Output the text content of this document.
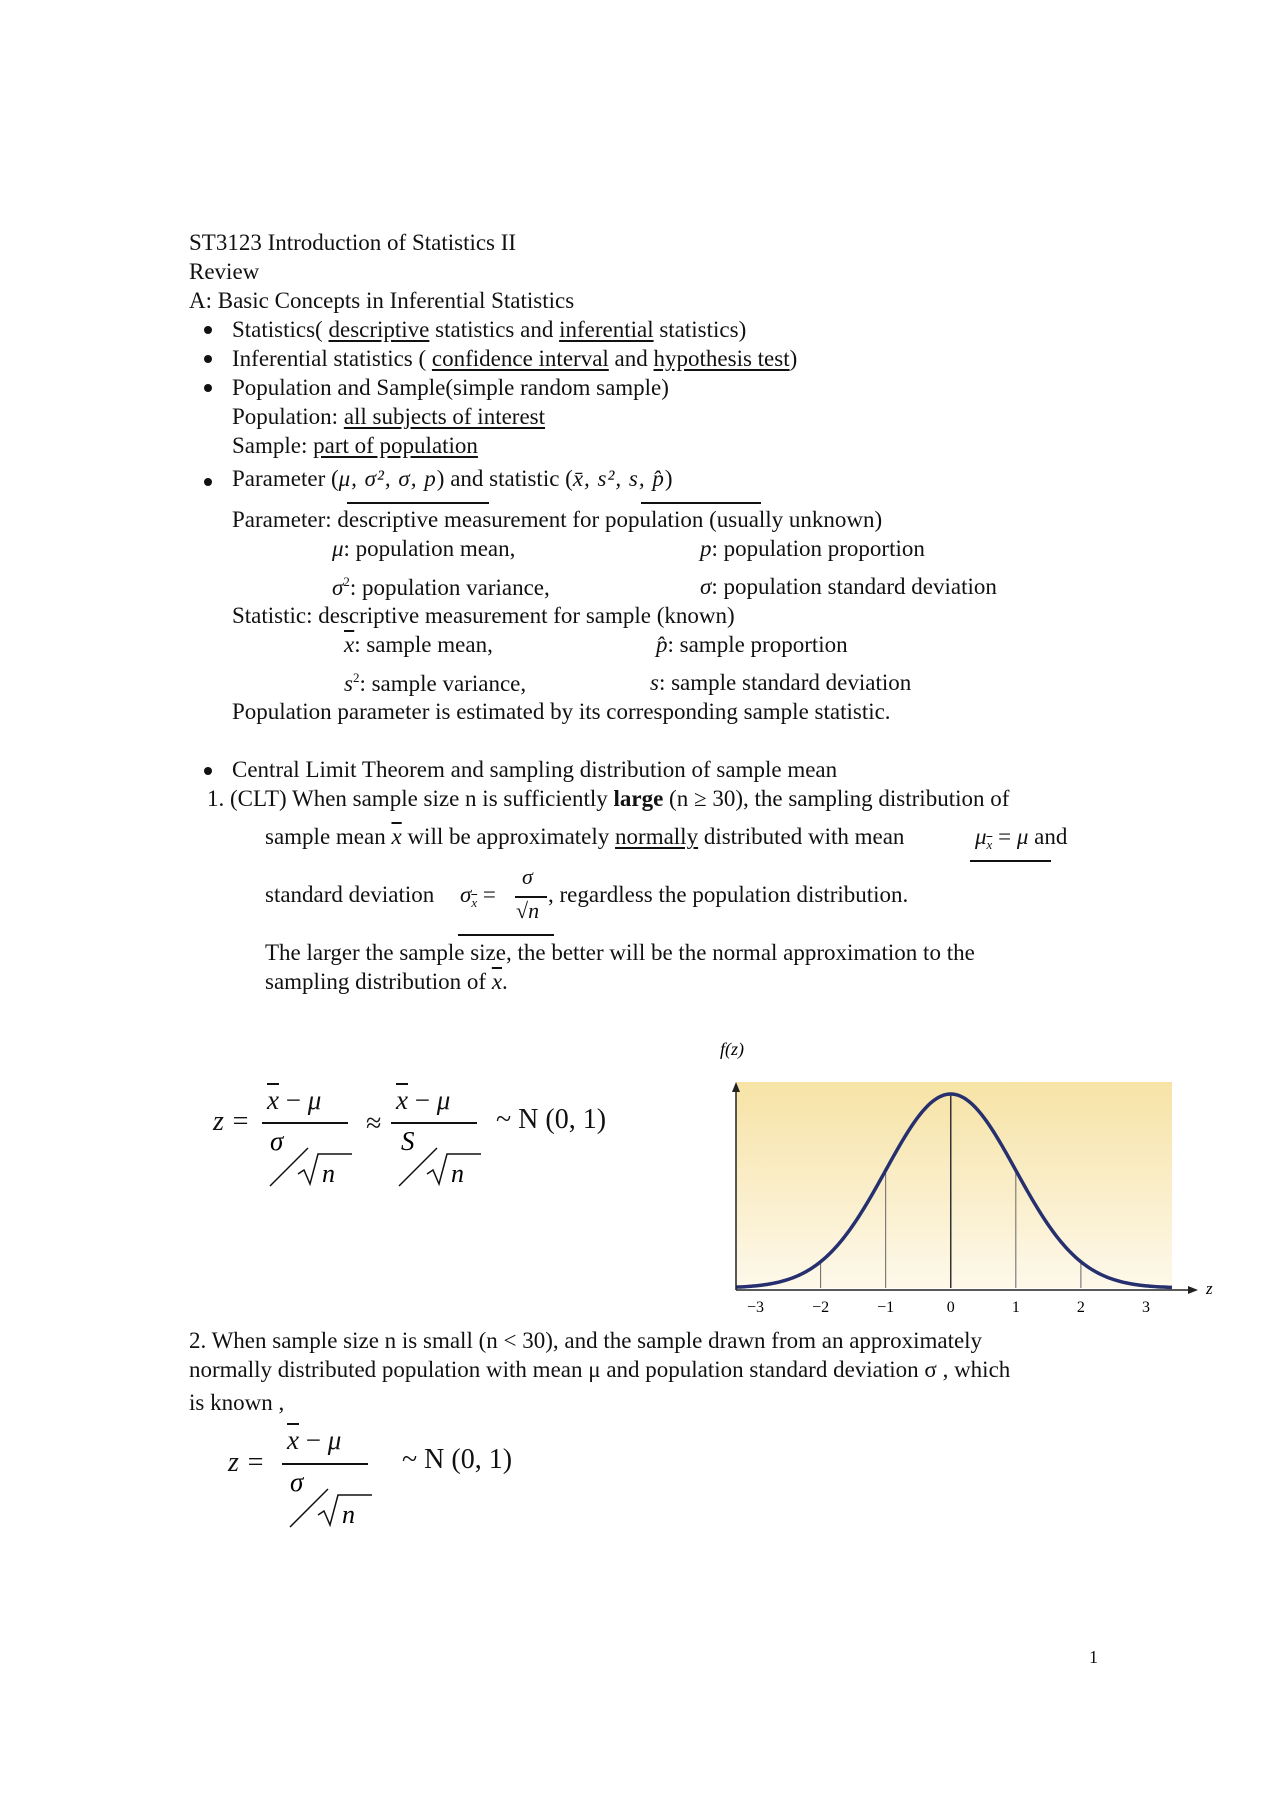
ST3123 Introduction of Statistics II
Review
A: Basic Concepts in Inferential Statistics
Statistics( descriptive statistics and inferential statistics)
Inferential statistics ( confidence interval and hypothesis test)
Population and Sample(simple random sample)
Population: all subjects of interest
Sample: part of population
Parameter (μ, σ², σ, p) and statistic (x̄, s², s, p̂)
Parameter: descriptive measurement for population (usually unknown)
μ: population mean,	p: population proportion
$\sigma^2$: population variance,	σ: population standard deviation
Statistic: descriptive measurement for sample (known)
$\overline{x}$: sample mean,	p̂: sample proportion
$s^2$: sample variance,	s: sample standard deviation
Population parameter is estimated by its corresponding sample statistic.
Central Limit Theorem and sampling distribution of sample mean
1. (CLT) When sample size n is sufficiently large (n ≥ 30), the sampling distribution of
sample mean $\overline{x}$ will be approximately normally distributed with mean	$\mu_{\overline{x}} = \mu$ and
standard deviation $\sigma_{\overline{x}}$ =
σ
√n
, regardless the population distribution.
The larger the sample size, the better will be the normal approximation to the
sampling distribution of $\overline{x}$.
z =
$\overline{x} - \mu$
σ
n
≈
$\overline{x} - \mu$
S
n
~ N (0, 1)
f(z)
z
−3	−2	−1	0	1	2	3
2. When sample size n is small (n < 30), and the sample drawn from an approximately
normally distributed population with mean μ and population standard deviation σ , which
is known ,
z =
$\overline{x} - \mu$
σ
n
~ N (0, 1)
1
